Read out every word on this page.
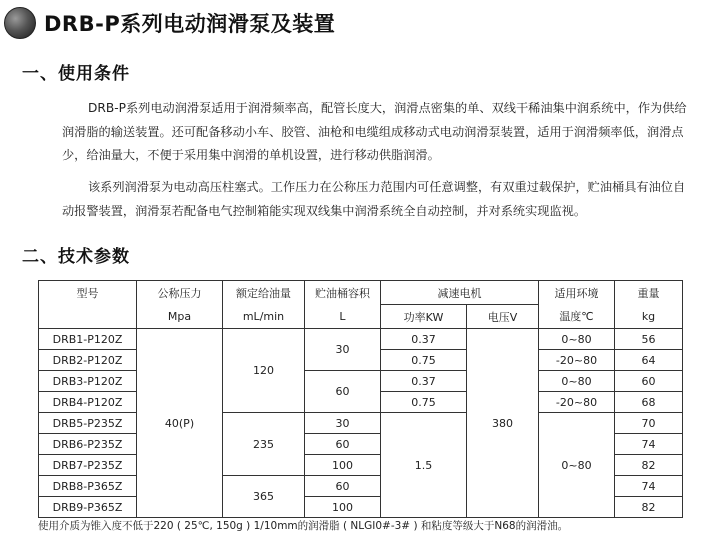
DRB-P系列电动润滑泵及装置
一、使用条件
DRB-P系列电动润滑泵适用于润滑频率高，配管长度大，润滑点密集的单、双线干稀油集中润系统中，作为供给润滑脂的输送装置。还可配备移动小车、胶管、油枪和电缆组成移动式电动润滑泵装置，适用于润滑频率低，润滑点少，给油量大，不便于采用集中润滑的单机设置，进行移动供脂润滑。
该系列润滑泵为电动高压柱塞式。工作压力在公称压力范围内可任意调整，有双重过载保护，贮油桶具有油位自动报警装置，润滑泵若配备电气控制箱能实现双线集中润滑系统全自动控制，并对系统实现监视。
二、技术参数
型号	公称压力	额定给油量	贮油桶容积	减速电机		适用环境	重量
	Mpa	mL/min	L	功率KW	电压V	温度℃	kg
DRB1-P120Z	40(P)	120	30	0.37	380	0~80	56
DRB2-P120Z				0.75		-20~80	64
DRB3-P120Z			60	0.37		0~80	60
DRB4-P120Z				0.75		-20~80	68
DRB5-P235Z		235	30	1.5		0~80	70
DRB6-P235Z			60				74
DRB7-P235Z			100				82
DRB8-P365Z		365	60				74
DRB9-P365Z			100				82
使用介质为锥入度不低于220 ( 25℃, 150g ) 1/10mm的润滑脂 ( NLGI0#-3# ) 和粘度等级大于N68的润滑油。
